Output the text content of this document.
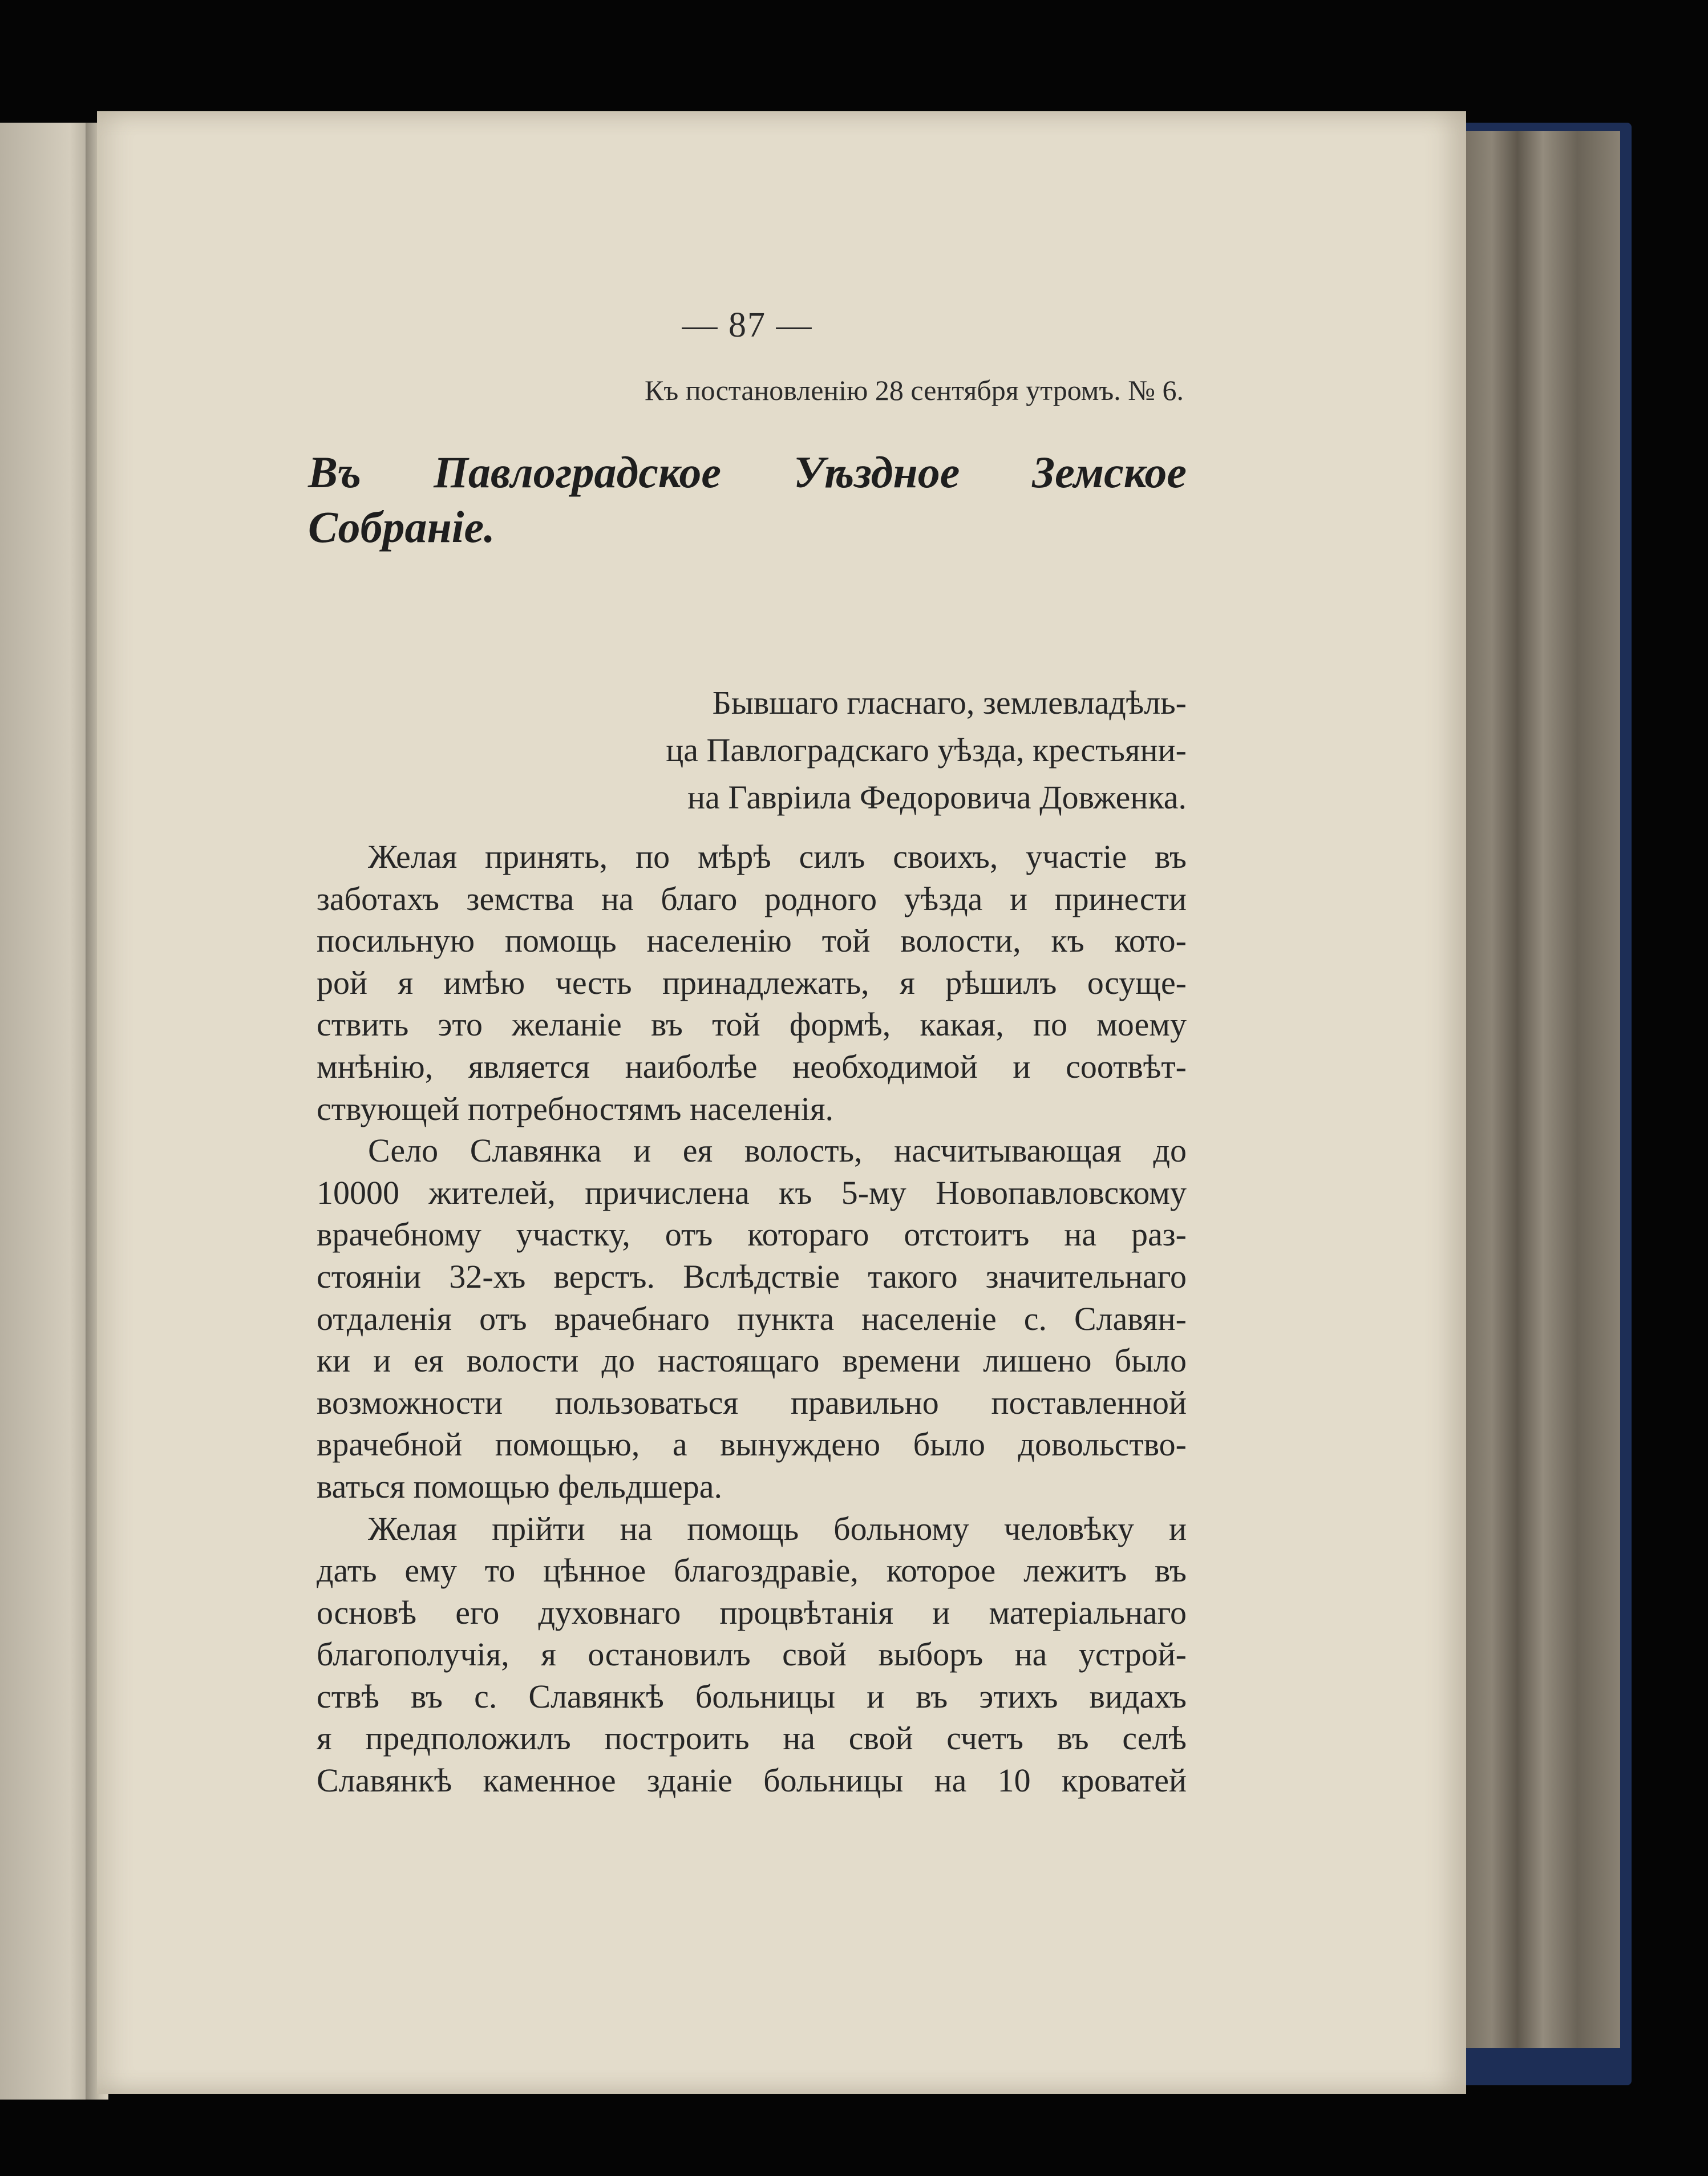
— 87 —
Къ постановленію 28 сентября утромъ. № 6.
Въ Павлоградское Уѣздное Земское Собраніе.
Бывшаго гласнаго, землевладѣль-
ца Павлоградскаго уѣзда, крестьяни-
на Гавріила Федоровича Довженка.
Желая принять, по мѣрѣ силъ своихъ, участіе въ
заботахъ земства на благо родного уѣзда и принести
посильную помощь населенію той волости, къ кото-
рой я имѣю честь принадлежать, я рѣшилъ осуще-
ствить это желаніе въ той формѣ, какая, по моему
мнѣнію, является наиболѣе необходимой и соотвѣт-
ствующей потребностямъ населенія.
Село Славянка и ея волость, насчитывающая до
10000 жителей, причислена къ 5-му Новопавловскому
врачебному участку, отъ котораго отстоитъ на раз-
стояніи 32-хъ верстъ. Вслѣдствіе такого значительнаго
отдаленія отъ врачебнаго пункта населеніе с. Славян-
ки и ея волости до настоящаго времени лишено было
возможности пользоваться правильно поставленной
врачебной помощью, а вынуждено было довольство-
ваться помощью фельдшера.
Желая прійти на помощь больному человѣку и
дать ему то цѣнное благоздравіе, которое лежитъ въ
основѣ его духовнаго процвѣтанія и матеріальнаго
благополучія, я остановилъ свой выборъ на устрой-
ствѣ въ с. Славянкѣ больницы и въ этихъ видахъ
я предположилъ построить на свой счетъ въ селѣ
Славянкѣ каменное зданіе больницы на 10 кроватей
